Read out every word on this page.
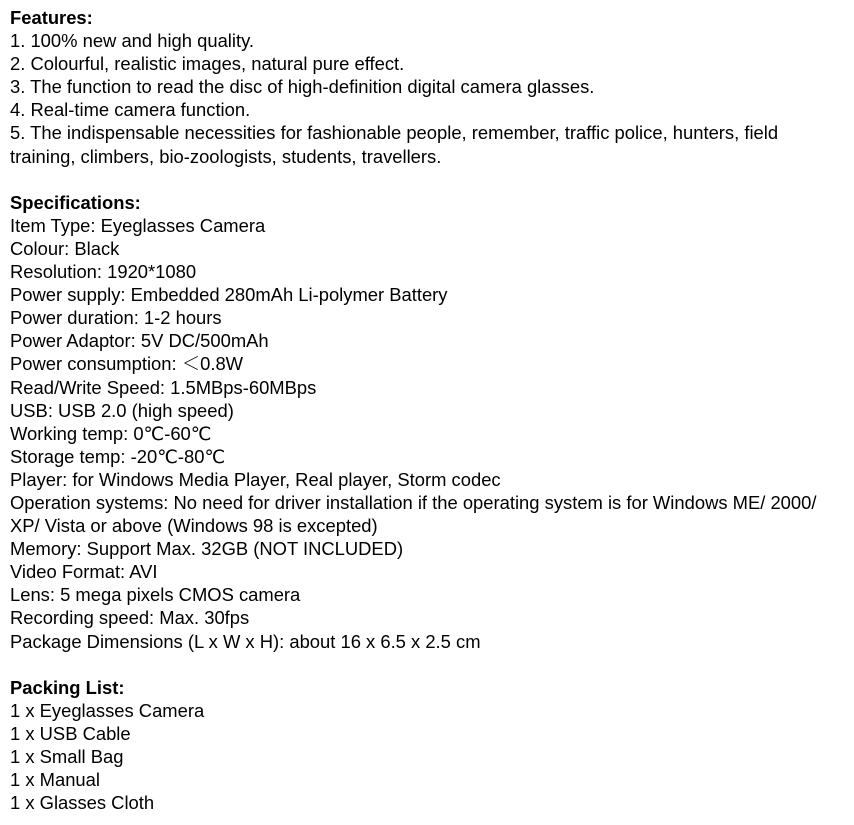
Features:
1. 100% new and high quality.
2. Colourful, realistic images, natural pure effect.
3. The function to read the disc of high-definition digital camera glasses.
4. Real-time camera function.
5. The indispensable necessities for fashionable people, remember, traffic police, hunters, field training, climbers, bio-zoologists, students, travellers.
Specifications:
Item Type: Eyeglasses Camera
Colour: Black
Resolution: 1920*1080
Power supply: Embedded 280mAh Li-polymer Battery
Power duration: 1-2 hours
Power Adaptor: 5V DC/500mAh
Power consumption: ＜0.8W
Read/Write Speed: 1.5MBps-60MBps
USB: USB 2.0 (high speed)
Working temp: 0℃-60℃
Storage temp: -20℃-80℃
Player: for Windows Media Player, Real player, Storm codec
Operation systems: No need for driver installation if the operating system is for Windows ME/ 2000/ XP/ Vista or above (Windows 98 is excepted)
Memory: Support Max. 32GB (NOT INCLUDED)
Video Format: AVI
Lens: 5 mega pixels CMOS camera
Recording speed: Max. 30fps
Package Dimensions (L x W x H): about 16 x 6.5 x 2.5 cm
Packing List:
1 x Eyeglasses Camera
1 x USB Cable
1 x Small Bag
1 x Manual
1 x Glasses Cloth
